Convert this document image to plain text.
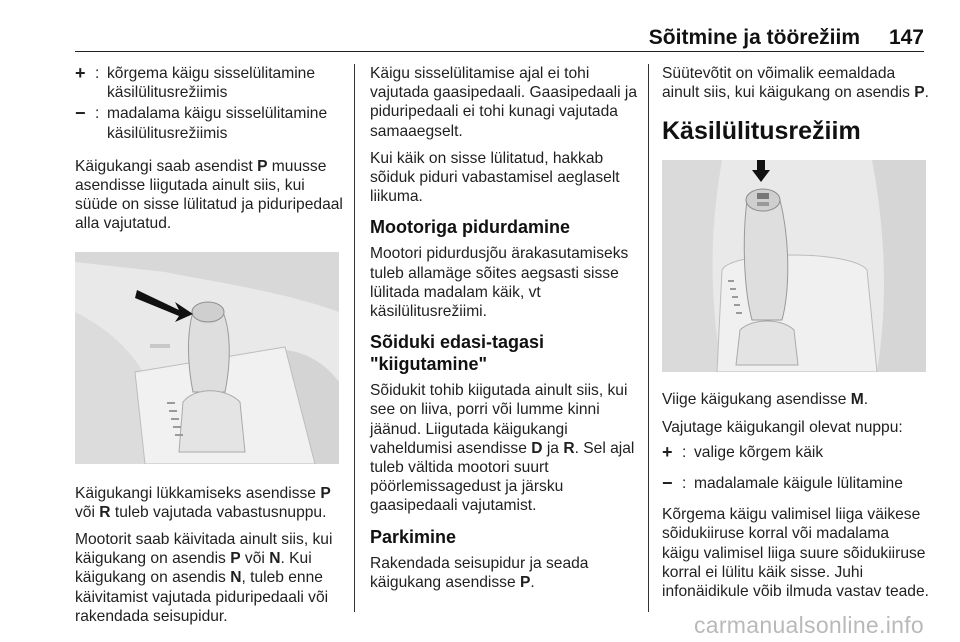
Sõitmine ja töörežiim 147
+ : kõrgema käigu sisselülitamine käsilülitusrežiimis
− : madalama käigu sisselülitamine käsilülitusrežiimis

Käigukangi saab asendist P muusse asendisse liigutada ainult siis, kui süüde on sisse lülitatud ja piduripedaal alla vajutatud.

Käigukangi lükkamiseks asendisse P või R tuleb vajutada vabastusnuppu.

Mootorit saab käivitada ainult siis, kui käigukang on asendis P või N. Kui käigukang on asendis N, tuleb enne käivitamist vajutada piduripedaali või rakendada seisupidur.

Käigu sisselülitamise ajal ei tohi vajutada gaasipedaali. Gaasipedaali ja piduripedaali ei tohi kunagi vajutada samaaegselt.

Kui käik on sisse lülitatud, hakkab sõiduk piduri vabastamisel aeglaselt liikuma.

Mootoriga pidurdamine

Mootori pidurdusjõu ärakasutamiseks tuleb allamäge sõites aegsasti sisse lülitada madalam käik, vt käsilülitusrežiimi.

Sõiduki edasi-tagasi "kiigutamine"

Sõidukit tohib kiigutada ainult siis, kui see on liiva, porri või lumme kinni jäänud. Liigutada käigukangi vaheldumisi asendisse D ja R. Sel ajal tuleb vältida mootori suurt pöörlemissagedust ja järsku gaasipedaali vajutamist.

Parkimine

Rakendada seisupidur ja seada käigukang asendisse P.

Süütevõtit on võimalik eemaldada ainult siis, kui käigukang on asendis P.

Käsilülitusrežiim

Viige käigukang asendisse M.

Vajutage käigukangil olevat nuppu:

+ : valige kõrgem käik
− : madalamale käigule lülitamine

Kõrgema käigu valimisel liiga väikese sõidukiiruse korral või madalama käigu valimisel liiga suure sõidukiiruse korral ei lülitu käik sisse. Juhi infonäidikule võib ilmuda vastav teade.

carmanualsonline.info
